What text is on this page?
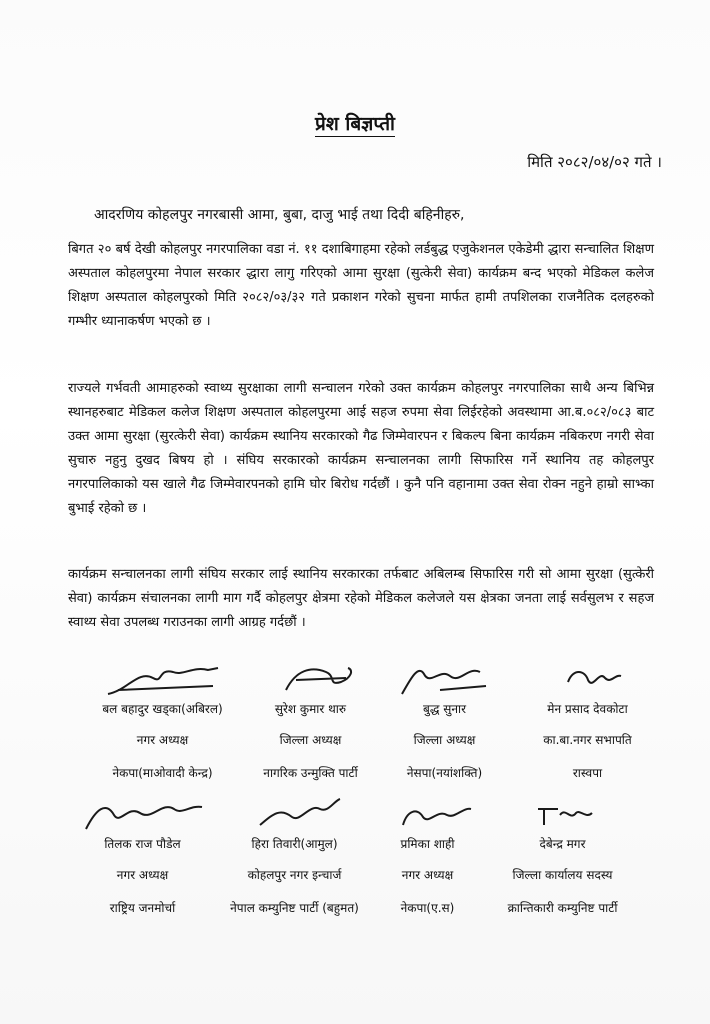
प्रेश बिज्ञप्ती
मिति २०८२/०४/०२ गते ।
आदरणिय कोहलपुर नगरबासी आमा, बुबा, दाजु भाई तथा दिदी बहिनीहरु,
बिगत २० बर्ष देखी कोहलपुर नगरपालिका वडा नं. ११ दशाबिगाहमा रहेको लर्डबुद्ध एजुकेशनल एकेडेमी द्धारा सन्चालित शिक्षण अस्पताल कोहलपुरमा नेपाल सरकार द्धारा लागु गरिएको आमा सुरक्षा (सुत्केरी सेवा) कार्यक्रम बन्द भएको मेडिकल कलेज शिक्षण अस्पताल कोहलपुरको मिति २०८२/०३/३२ गते प्रकाशन गरेको सुचना मार्फत हामी तपशिलका राजनैतिक दलहरुको गम्भीर ध्यानाकर्षण भएको छ ।
राज्यले गर्भवती आमाहरुको स्वाथ्य सुरक्षाका लागी सन्चालन गरेको उक्त कार्यक्रम कोहलपुर नगरपालिका साथै अन्य बिभिन्न स्थानहरुबाट मेडिकल कलेज शिक्षण अस्पताल कोहलपुरमा आई सहज रुपमा सेवा लिईरहेको अवस्थामा आ.ब.०८२/०८३ बाट उक्त आमा सुरक्षा (सुरत्केरी सेवा) कार्यक्रम स्थानिय सरकारको गैढ जिम्मेवारपन र बिकल्प बिना कार्यक्रम नबिकरण नगरी सेवा सुचारु नहुनु दुखद बिषय हो । संघिय सरकारको कार्यक्रम सन्चालनका लागी सिफारिस गर्ने स्थानिय तह कोहलपुर नगरपालिकाको यस खाले गैढ जिम्मेवारपनको हामि घोर बिरोध गर्दछौं । कुनै पनि वहानामा उक्त सेवा रोक्न नहुने हाम्रो साभ्का बुभाई रहेको छ ।
कार्यक्रम सन्चालनका लागी संघिय सरकार लाई स्थानिय सरकारका तर्फबाट अबिलम्ब सिफारिस गरी सो आमा सुरक्षा (सुत्केरी सेवा) कार्यक्रम संचालनका लागी माग गर्दै कोहलपुर क्षेत्रमा रहेको मेडिकल कलेजले यस क्षेत्रका जनता लाई सर्वसुलभ र सहज स्वाथ्य सेवा उपलब्ध गराउनका लागी आग्रह गर्दछौं ।
बल बहादुर खड्का(अबिरल)
नगर अध्यक्ष
नेकपा(माओवादी केन्द्र)
सुरेश कुमार थारु
जिल्ला अध्यक्ष
नागरिक उन्मुक्ति पार्टी
बुद्ध सुनार
जिल्ला अध्यक्ष
नेसपा(नयांशक्ति)
मेन प्रसाद देवकोटा
का.बा.नगर सभापति
रास्वपा
तिलक राज पौडेल
नगर अध्यक्ष
राष्ट्रिय जनमोर्चा
हिरा तिवारी(आमुल)
कोहलपुर नगर इन्चार्ज
नेपाल कम्युनिष्ट पार्टी (बहुमत)
प्रमिका शाही
नगर अध्यक्ष
नेकपा(ए.स)
देबेन्द्र मगर
जिल्ला कार्यालय सदस्य
क्रान्तिकारी कम्युनिष्ट पार्टी
